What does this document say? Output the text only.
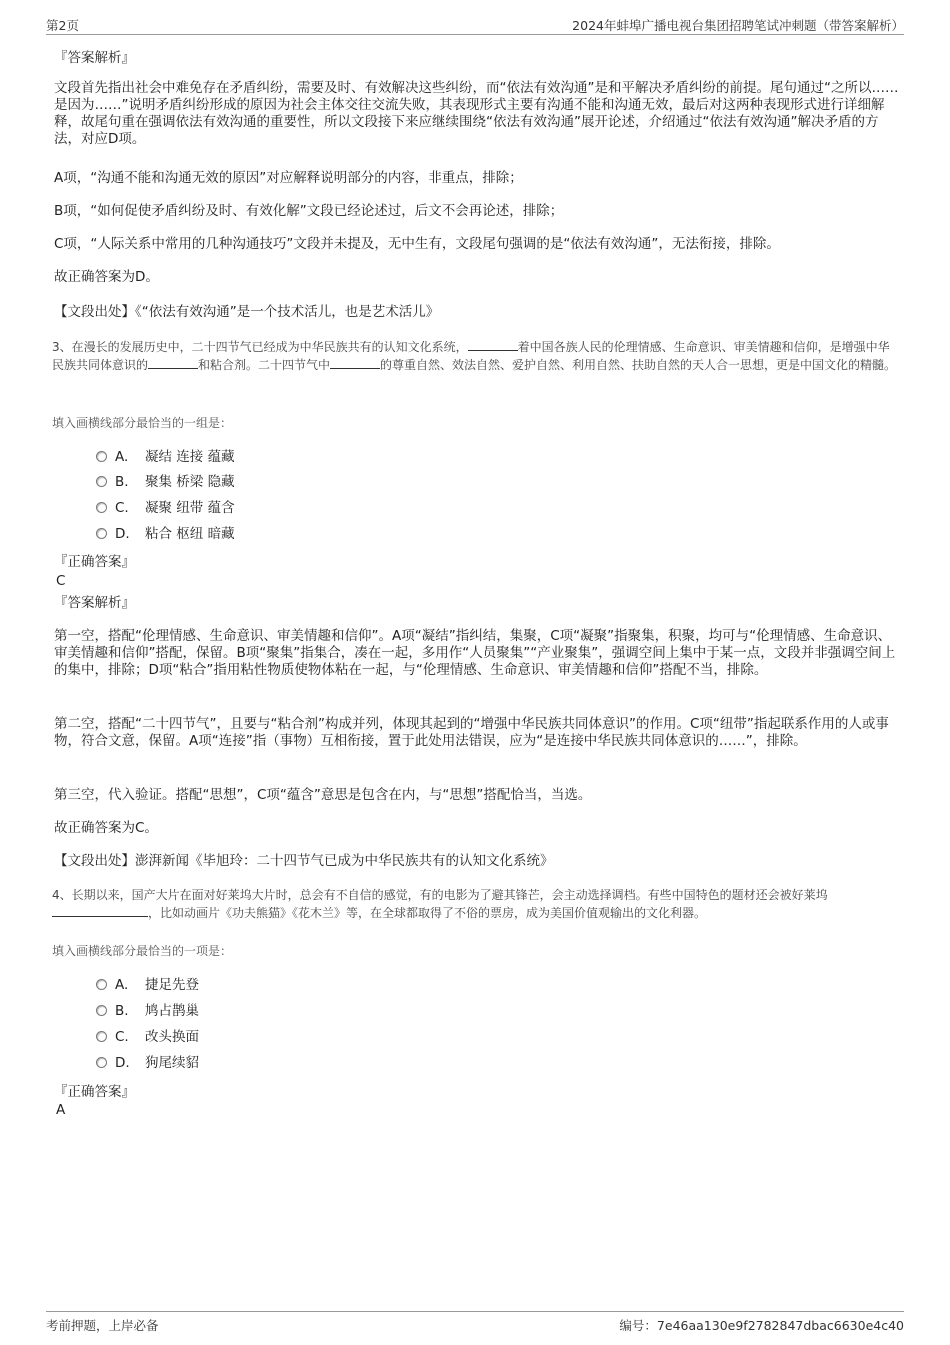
第2页	2024年蚌埠广播电视台集团招聘笔试冲刺题（带答案解析）
『答案解析』

文段首先指出社会中难免存在矛盾纠纷，需要及时、有效解决这些纠纷，而“依法有效沟通”是和平解决矛盾纠纷的前提。尾句通过“之所以……是因为……”说明矛盾纠纷形成的原因为社会主体交往交流失败，其表现形式主要有沟通不能和沟通无效，最后对这两种表现形式进行详细解释，故尾句重在强调依法有效沟通的重要性，所以文段接下来应继续围绕“依法有效沟通”展开论述，介绍通过“依法有效沟通”解决矛盾的方法，对应D项。

A项，“沟通不能和沟通无效的原因”对应解释说明部分的内容，非重点，排除；

B项，“如何促使矛盾纠纷及时、有效化解”文段已经论述过，后文不会再论述，排除；

C项，“人际关系中常用的几种沟通技巧”文段并未提及，无中生有，文段尾句强调的是“依法有效沟通”，无法衔接，排除。

故正确答案为D。

【文段出处】《“依法有效沟通”是一个技术活儿，也是艺术活儿》

3、在漫长的发展历史中，二十四节气已经成为中华民族共有的认知文化系统，	着中国各族人民的伦理情感、生命意识、审美情趣和信仰，是增强中华民族共同体意识的	和粘合剂。二十四节气中	的尊重自然、效法自然、爱护自然、利用自然、扶助自然的天人合一思想，更是中国文化的精髓。
填入画横线部分最恰当的一组是：
A. 凝结 连接 蕴藏
B. 聚集 桥梁 隐藏
C. 凝聚 纽带 蕴含
D. 粘合 枢纽 暗藏
『正确答案』
C
『答案解析』

第一空，搭配“伦理情感、生命意识、审美情趣和信仰”。A项“凝结”指纠结，集聚，C项“凝聚”指聚集，积聚，均可与“伦理情感、生命意识、审美情趣和信仰”搭配，保留。B项“聚集”指集合，凑在一起，多用作“人员聚集”“产业聚集”，强调空间上集中于某一点，文段并非强调空间上的集中，排除；D项“粘合”指用粘性物质使物体粘在一起，与“伦理情感、生命意识、审美情趣和信仰”搭配不当，排除。

第二空，搭配“二十四节气”，且要与“粘合剂”构成并列，体现其起到的“增强中华民族共同体意识”的作用。C项“纽带”指起联系作用的人或事物，符合文意，保留。A项“连接”指（事物）互相衔接，置于此处用法错误，应为“是连接中华民族共同体意识的……”，排除。

第三空，代入验证。搭配“思想”，C项“蕴含”意思是包含在内，与“思想”搭配恰当，当选。

故正确答案为C。

【文段出处】澎湃新闻《毕旭玲：二十四节气已成为中华民族共有的认知文化系统》

4、长期以来，国产大片在面对好莱坞大片时，总会有不自信的感觉，有的电影为了避其锋芒，会主动选择调档。有些中国特色的题材还会被好莱坞 ，比如动画片《功夫熊猫》《花木兰》等，在全球都取得了不俗的票房，成为美国价值观输出的文化利器。
填入画横线部分最恰当的一项是：
A. 捷足先登
B. 鸠占鹊巢
C. 改头换面
D. 狗尾续貂
『正确答案』
A
考前押题，上岸必备	编号：7e46aa130e9f2782847dbac6630e4c40
